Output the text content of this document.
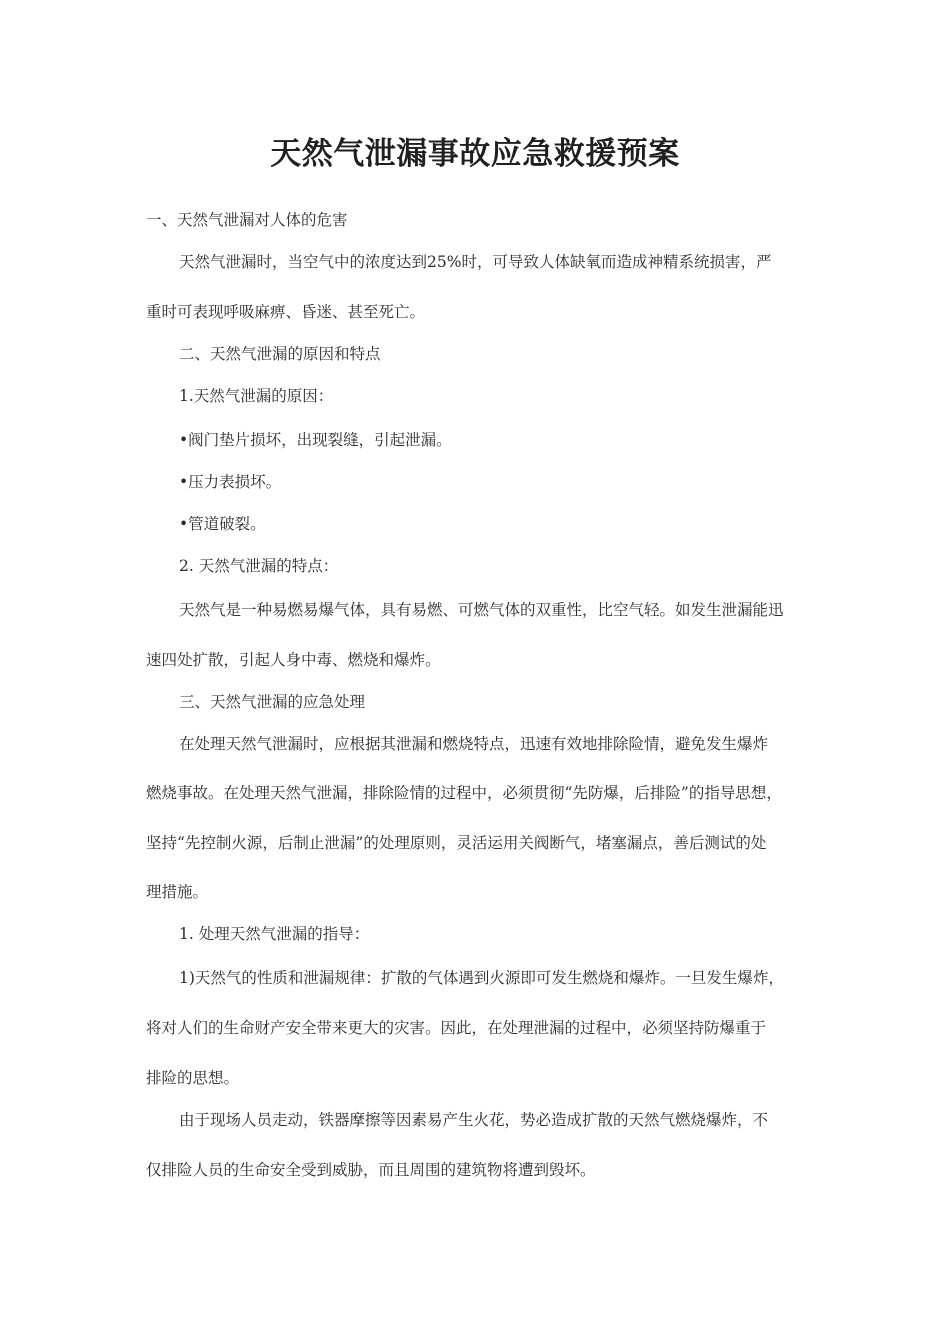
天然气泄漏事故应急救援预案
一、天然气泄漏对人体的危害
天然气泄漏时，当空气中的浓度达到25%时，可导致人体缺氧而造成神精系统损害，严
重时可表现呼吸麻痹、昏迷、甚至死亡。
二、天然气泄漏的原因和特点
1.天然气泄漏的原因：
•阀门垫片损坏，出现裂缝，引起泄漏。
•压力表损坏。
•管道破裂。
2. 天然气泄漏的特点：
天然气是一种易燃易爆气体，具有易燃、可燃气体的双重性，比空气轻。如发生泄漏能迅
速四处扩散，引起人身中毒、燃烧和爆炸。
三、天然气泄漏的应急处理
在处理天然气泄漏时，应根据其泄漏和燃烧特点，迅速有效地排除险情，避免发生爆炸
燃烧事故。在处理天然气泄漏，排除险情的过程中，必须贯彻“先防爆，后排险”的指导思想，
坚持“先控制火源，后制止泄漏”的处理原则，灵活运用关阀断气，堵塞漏点，善后测试的处
理措施。
1. 处理天然气泄漏的指导：
1)天然气的性质和泄漏规律：扩散的气体遇到火源即可发生燃烧和爆炸。一旦发生爆炸，
将对人们的生命财产安全带来更大的灾害。因此，在处理泄漏的过程中，必须坚持防爆重于
排险的思想。
由于现场人员走动，铁器摩擦等因素易产生火花，势必造成扩散的天然气燃烧爆炸，不
仅排险人员的生命安全受到威胁，而且周围的建筑物将遭到毁坏。
